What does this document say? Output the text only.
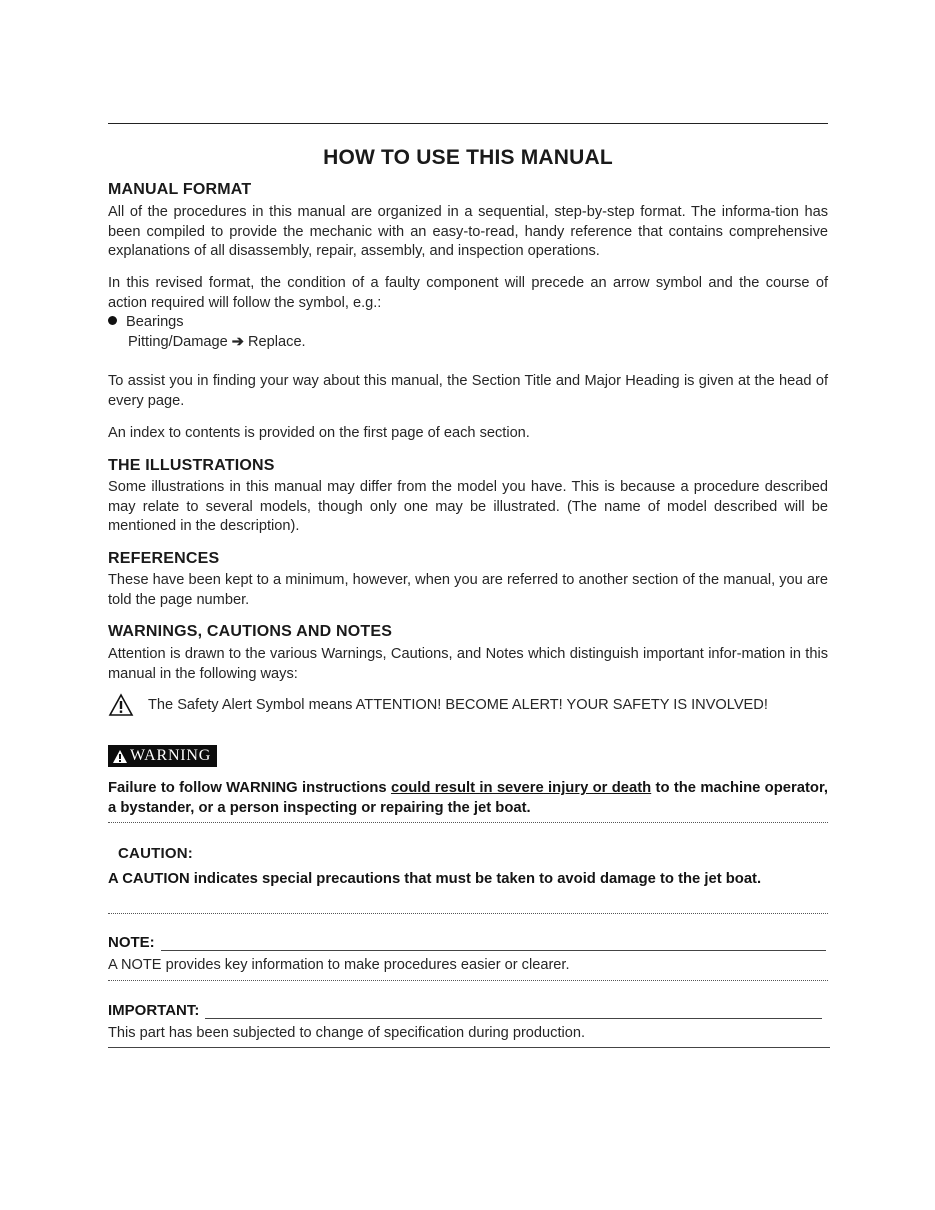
HOW TO USE THIS MANUAL
MANUAL FORMAT

All of the procedures in this manual are organized in a sequential, step-by-step format. The informa-tion has been compiled to provide the mechanic with an easy-to-read, handy reference that contains comprehensive explanations of all disassembly, repair, assembly, and inspection operations.

In this revised format, the condition of a faulty component will precede an arrow symbol and the course of action required will follow the symbol, e.g.:

Bearings
Pitting/Damage ➔ Replace.

To assist you in finding your way about this manual, the Section Title and Major Heading is given at the head of every page.

An index to contents is provided on the first page of each section.

THE ILLUSTRATIONS

Some illustrations in this manual may differ from the model you have. This is because a procedure described may relate to several models, though only one may be illustrated. (The name of model described will be mentioned in the description).

REFERENCES

These have been kept to a minimum, however, when you are referred to another section of the manual, you are told the page number.

WARNINGS, CAUTIONS AND NOTES

Attention is drawn to the various Warnings, Cautions, and Notes which distinguish important infor-mation in this manual in the following ways:

The Safety Alert Symbol means ATTENTION! BECOME ALERT! YOUR SAFETY IS INVOLVED!
WARNING

Failure to follow WARNING instructions could result in severe injury or death to the machine operator, a bystander, or a person inspecting or repairing the jet boat.

CAUTION:

A CAUTION indicates special precautions that must be taken to avoid damage to the jet boat.

NOTE:

A NOTE provides key information to make procedures easier or clearer.

IMPORTANT:

This part has been subjected to change of specification during production.
